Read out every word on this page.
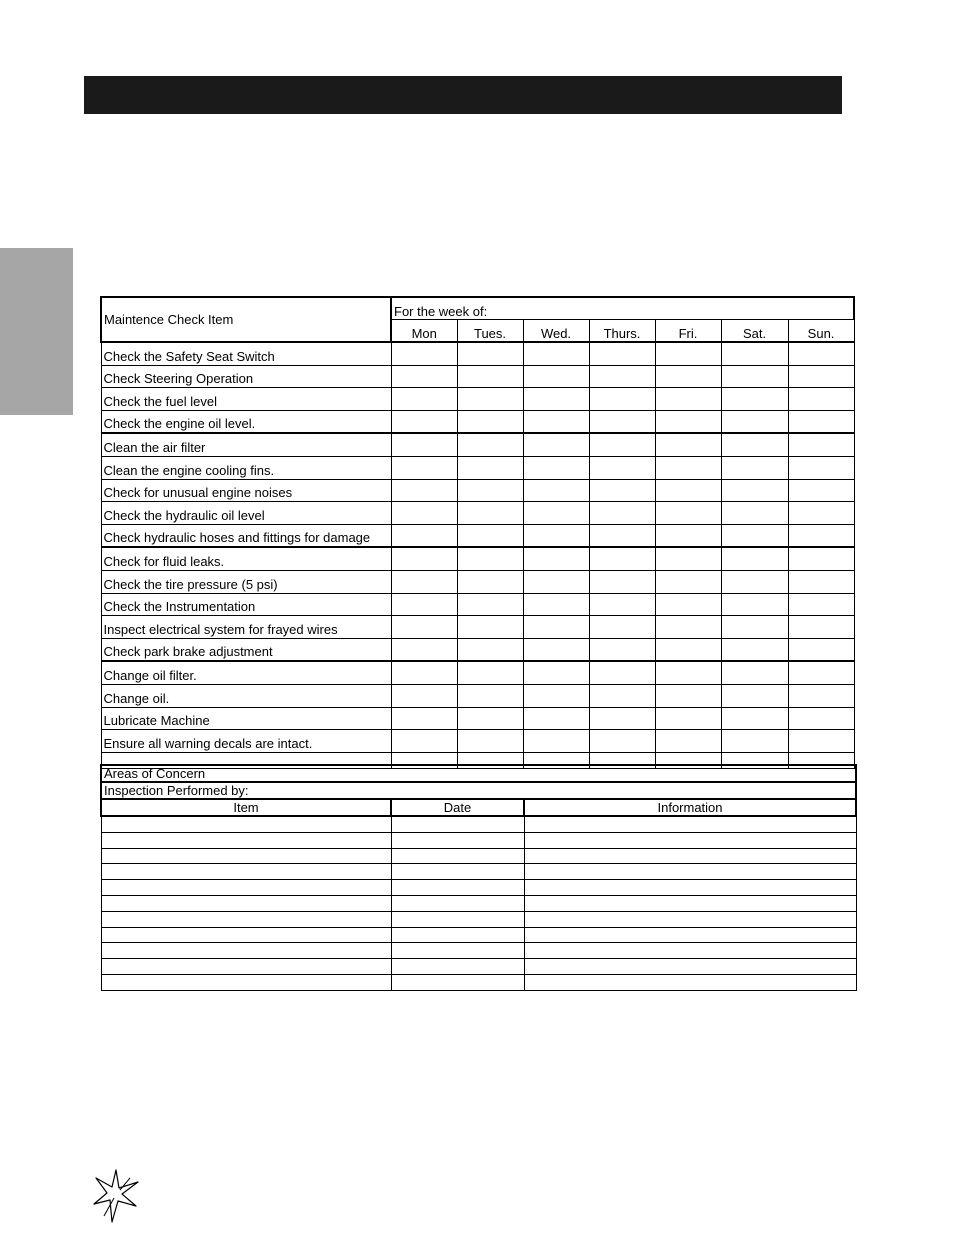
Maintence Check Item	For the week of:						
	Mon	Tues.	Wed.	Thurs.	Fri.	Sat.	Sun.
Check the Safety Seat Switch							
Check Steering Operation							
Check the fuel level							
Check the engine oil level.							
Clean the air filter							
Clean the engine cooling fins.							
Check for unusual engine noises							
Check the hydraulic oil level							
Check hydraulic hoses and fittings for damage							
Check for fluid leaks.							
Check the tire pressure (5 psi)							
Check the Instrumentation							
Inspect electrical system for frayed wires							
Check park brake adjustment							
Change oil filter.							
Change oil.							
Lubricate Machine							
Ensure all warning decals are intact.							

Areas of Concern		
Inspection Performed by:		
Item	Date	Information
